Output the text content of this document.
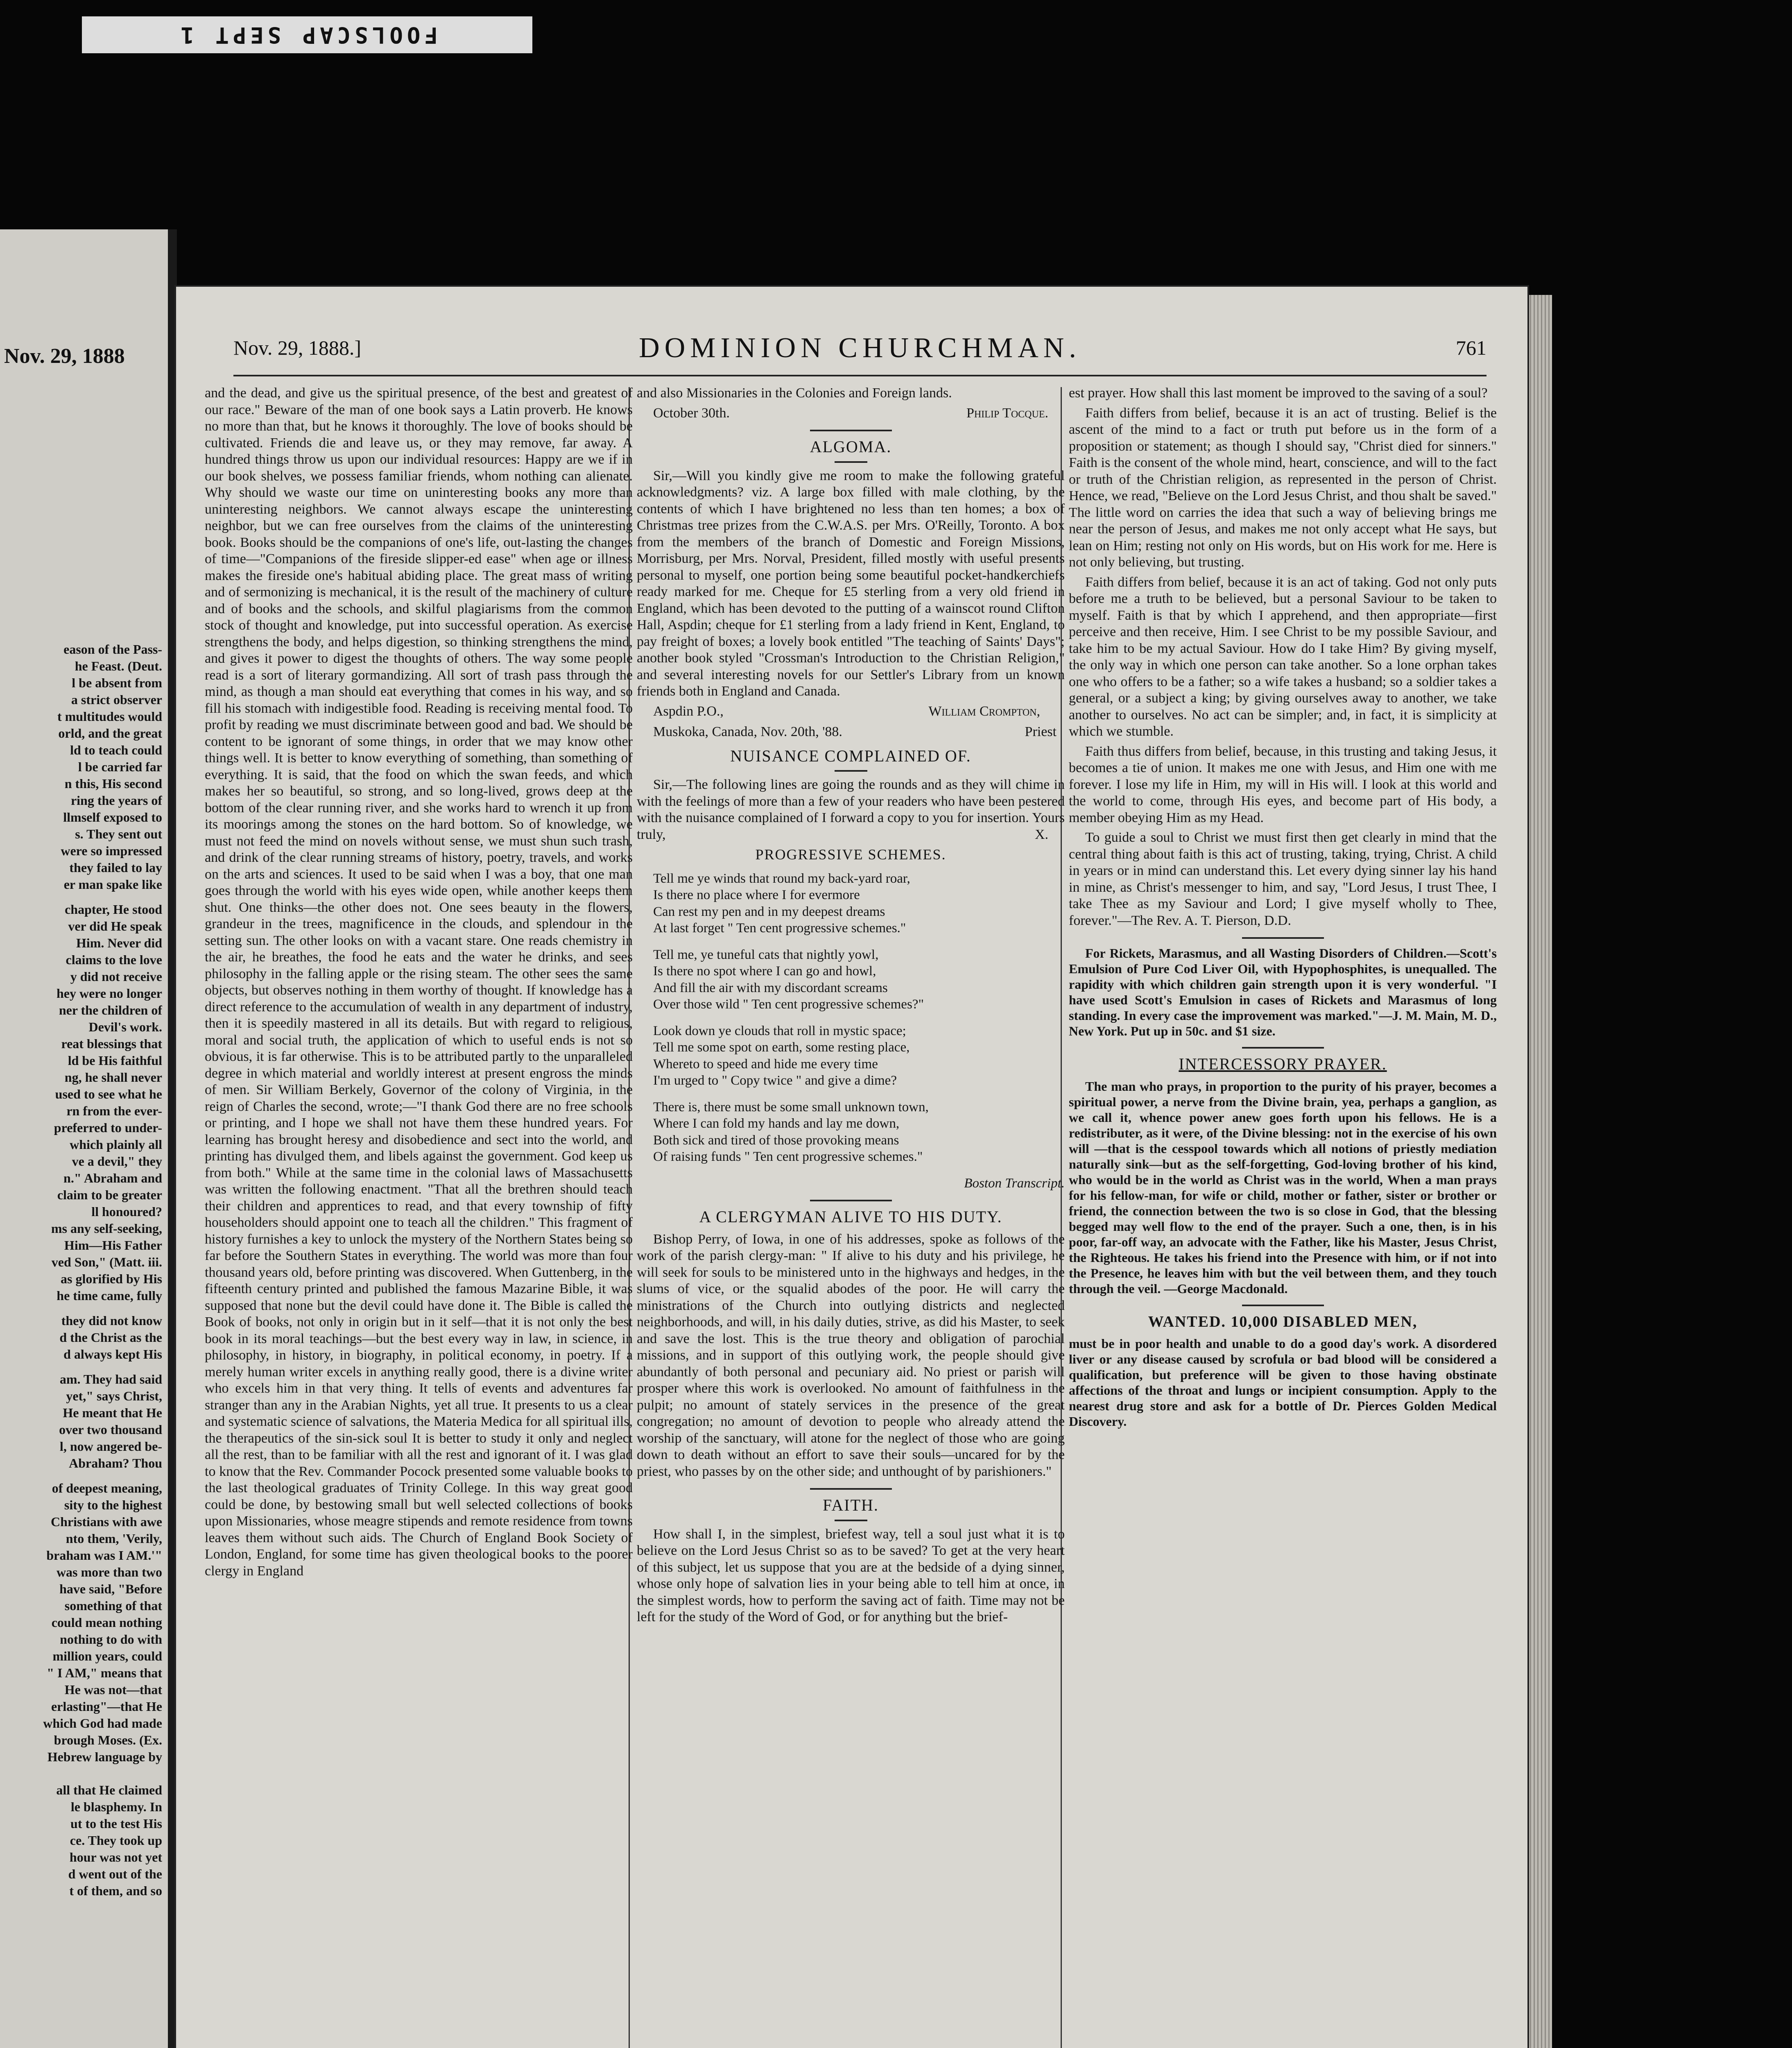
FOOLSCAP SEPT 1
Nov. 29, 1888
eason of the Pass-
he Feast. (Deut.
l be absent from
a strict observer
t multitudes would
orld, and the great
ld to teach could
l be carried far
n this, His second
ring the years of
llmself exposed to
s. They sent out
were so impressed
they failed to lay
er man spake like
chapter, He stood
ver did He speak
Him. Never did
claims to the love
y did not receive
hey were no longer
ner the children of
Devil's work.
reat blessings that
ld be His faithful
ng, he shall never
used to see what he
rn from the ever-
preferred to under-
which plainly all
ve a devil," they
n." Abraham and
claim to be greater
ll honoured?
ms any self-seeking,
Him—His Father
ved Son," (Matt. iii.
as glorified by His
he time came, fully
they did not know
d the Christ as the
d always kept His
am. They had said
yet," says Christ,
He meant that He
over two thousand
l, now angered be-
Abraham? Thou
of deepest meaning,
sity to the highest
Christians with awe
nto them, 'Verily,
braham was I AM.'"
was more than two
have said, "Before
something of that
could mean nothing
nothing to do with
million years, could
" I AM," means that
He was not—that
erlasting"—that He
which God had made
brough Moses. (Ex.
Hebrew language by
all that He claimed
le blasphemy. In
ut to the test His
ce. They took up
hour was not yet
d went out of the
t of them, and so
Nov. 29, 1888.]	DOMINION CHURCHMAN.	761

and the dead, and give us the spiritual presence, of the best and greatest of our race." Beware of the man of one book says a Latin proverb. He knows no more than that, but he knows it thoroughly. The love of books should be cultivated. Friends die and leave us, or they may remove, far away. A hundred things throw us upon our individual resources: Happy are we if in our book shelves, we possess familiar friends, whom nothing can alienate. Why should we waste our time on uninteresting books any more than uninteresting neighbors. We cannot always escape the uninteresting neighbor, but we can free ourselves from the claims of the uninteresting book. Books should be the companions of one's life, out-lasting the changes of time—"Companions of the fireside slipper-ed ease" when age or illness makes the fireside one's habitual abiding place. The great mass of writing and of sermonizing is mechanical, it is the result of the machinery of culture and of books and the schools, and skilful plagiarisms from the common stock of thought and knowledge, put into successful operation. As exercise strengthens the body, and helps digestion, so thinking strengthens the mind, and gives it power to digest the thoughts of others. The way some people read is a sort of literary gormandizing. All sort of trash pass through the mind, as though a man should eat everything that comes in his way, and so fill his stomach with indigestible food. Reading is receiving mental food. To profit by reading we must discriminate between good and bad. We should be content to be ignorant of some things, in order that we may know other things well. It is better to know everything of something, than something of everything. It is said, that the food on which the swan feeds, and which makes her so beautiful, so strong, and so long-lived, grows deep at the bottom of the clear running river, and she works hard to wrench it up from its moorings among the stones on the hard bottom. So of knowledge, we must not feed the mind on novels without sense, we must shun such trash, and drink of the clear running streams of history, poetry, travels, and works on the arts and sciences. It used to be said when I was a boy, that one man goes through the world with his eyes wide open, while another keeps them shut. One thinks—the other does not. One sees beauty in the flowers, grandeur in the trees, magnificence in the clouds, and splendour in the setting sun. The other looks on with a vacant stare. One reads chemistry in the air, he breathes, the food he eats and the water he drinks, and sees philosophy in the falling apple or the rising steam. The other sees the same objects, but observes nothing in them worthy of thought. If knowledge has a direct reference to the accumulation of wealth in any department of industry, then it is speedily mastered in all its details. But with regard to religious, moral and social truth, the application of which to useful ends is not so obvious, it is far otherwise. This is to be attributed partly to the unparalleled degree in which material and worldly interest at present engross the minds of men. Sir William Berkely, Governor of the colony of Virginia, in the reign of Charles the second, wrote;—"I thank God there are no free schools or printing, and I hope we shall not have them these hundred years. For learning has brought heresy and disobedience and sect into the world, and printing has divulged them, and libels against the government. God keep us from both." While at the same time in the colonial laws of Massachusetts was written the following enactment. "That all the brethren should teach their children and apprentices to read, and that every township of fifty householders should appoint one to teach all the children." This fragment of history furnishes a key to unlock the mystery of the Northern States being so far before the Southern States in everything. The world was more than four thousand years old, before printing was discovered. When Guttenberg, in the fifteenth century printed and published the famous Mazarine Bible, it was supposed that none but the devil could have done it. The Bible is called the Book of books, not only in origin but in it self—that it is not only the best book in its moral teachings—but the best every way in law, in science, in philosophy, in history, in biography, in political economy, in poetry. If a merely human writer excels in anything really good, there is a divine writer who excels him in that very thing. It tells of events and adventures far stranger than any in the Arabian Nights, yet all true. It presents to us a clear and systematic science of salvations, the Materia Medica for all spiritual ills, the therapeutics of the sin-sick soul It is better to study it only and neglect all the rest, than to be familiar with all the rest and ignorant of it. I was glad to know that the Rev. Commander Pocock presented some valuable books to the last theological graduates of Trinity College. In this way great good could be done, by bestowing small but well selected collections of books upon Missionaries, whose meagre stipends and remote residence from towns leaves them without such aids. The Church of England Book Society of London, England, for some time has given theological books to the poorer clergy in England

and also Missionaries in the Colonies and Foreign lands.

October 30th.	Philip Tocque.
ALGOMA.

Sir,—Will you kindly give me room to make the following grateful acknowledgments? viz. A large box filled with male clothing, by the contents of which I have brightened no less than ten homes; a box of Christmas tree prizes from the C.W.A.S. per Mrs. O'Reilly, Toronto. A box from the members of the branch of Domestic and Foreign Missions, Morrisburg, per Mrs. Norval, President, filled mostly with useful presents personal to myself, one portion being some beautiful pocket-handkerchiefs ready marked for me. Cheque for £5 sterling from a very old friend in England, which has been devoted to the putting of a wainscot round Clifton Hall, Aspdin; cheque for £1 sterling from a lady friend in Kent, England, to pay freight of boxes; a lovely book entitled "The teaching of Saints' Days"; another book styled "Crossman's Introduction to the Christian Religion," and several interesting novels for our Settler's Library from un known friends both in England and Canada.

Aspdin P.O.,	William Crompton,
Muskoka, Canada, Nov. 20th, '88.	Priest
NUISANCE COMPLAINED OF.

Sir,—The following lines are going the rounds and as they will chime in with the feelings of more than a few of your readers who have been pestered with the nuisance complained of I forward a copy to you for insertion. Yours truly,	X.

PROGRESSIVE SCHEMES.
Tell me ye winds that round my back-yard roar,
Is there no place where I for evermore
Can rest my pen and in my deepest dreams
At last forget " Ten cent progressive schemes."
Tell me, ye tuneful cats that nightly yowl,
Is there no spot where I can go and howl,
And fill the air with my discordant screams
Over those wild " Ten cent progressive schemes?"
Look down ye clouds that roll in mystic space;
Tell me some spot on earth, some resting place,
Whereto to speed and hide me every time
I'm urged to " Copy twice " and give a dime?
There is, there must be some small unknown town,
Where I can fold my hands and lay me down,
Both sick and tired of those provoking means
Of raising funds " Ten cent progressive schemes."
Boston Transcript.
A CLERGYMAN ALIVE TO HIS DUTY.

Bishop Perry, of Iowa, in one of his addresses, spoke as follows of the work of the parish clergy-man: " If alive to his duty and his privilege, he will seek for souls to be ministered unto in the highways and hedges, in the slums of vice, or the squalid abodes of the poor. He will carry the ministrations of the Church into outlying districts and neglected neighborhoods, and will, in his daily duties, strive, as did his Master, to seek and save the lost. This is the true theory and obligation of parochial missions, and in support of this outlying work, the people should give abundantly of both personal and pecuniary aid. No priest or parish will prosper where this work is overlooked. No amount of faithfulness in the pulpit; no amount of stately services in the presence of the great congregation; no amount of devotion to people who already attend the worship of the sanctuary, will atone for the neglect of those who are going down to death without an effort to save their souls—uncared for by the priest, who passes by on the other side; and unthought of by parishioners."

FAITH.

How shall I, in the simplest, briefest way, tell a soul just what it is to believe on the Lord Jesus Christ so as to be saved? To get at the very heart of this subject, let us suppose that you are at the bedside of a dying sinner, whose only hope of salvation lies in your being able to tell him at once, in the simplest words, how to perform the saving act of faith. Time may not be left for the study of the Word of God, or for anything but the brief-

est prayer. How shall this last moment be improved to the saving of a soul?

Faith differs from belief, because it is an act of trusting. Belief is the ascent of the mind to a fact or truth put before us in the form of a proposition or statement; as though I should say, "Christ died for sinners." Faith is the consent of the whole mind, heart, conscience, and will to the fact or truth of the Christian religion, as represented in the person of Christ. Hence, we read, "Believe on the Lord Jesus Christ, and thou shalt be saved." The little word on carries the idea that such a way of believing brings me near the person of Jesus, and makes me not only accept what He says, but lean on Him; resting not only on His words, but on His work for me. Here is not only believing, but trusting.

Faith differs from belief, because it is an act of taking. God not only puts before me a truth to be believed, but a personal Saviour to be taken to myself. Faith is that by which I apprehend, and then appropriate—first perceive and then receive, Him. I see Christ to be my possible Saviour, and take him to be my actual Saviour. How do I take Him? By giving myself, the only way in which one person can take another. So a lone orphan takes one who offers to be a father; so a wife takes a husband; so a soldier takes a general, or a subject a king; by giving ourselves away to another, we take another to ourselves. No act can be simpler; and, in fact, it is simplicity at which we stumble.

Faith thus differs from belief, because, in this trusting and taking Jesus, it becomes a tie of union. It makes me one with Jesus, and Him one with me forever. I lose my life in Him, my will in His will. I look at this world and the world to come, through His eyes, and become part of His body, a member obeying Him as my Head.

To guide a soul to Christ we must first then get clearly in mind that the central thing about faith is this act of trusting, taking, trying, Christ. A child in years or in mind can understand this. Let every dying sinner lay his hand in mine, as Christ's messenger to him, and say, "Lord Jesus, I trust Thee, I take Thee as my Saviour and Lord; I give myself wholly to Thee, forever."—The Rev. A. T. Pierson, D.D.

For Rickets, Marasmus, and all Wasting Disorders of Children.—Scott's Emulsion of Pure Cod Liver Oil, with Hypophosphites, is unequalled. The rapidity with which children gain strength upon it is very wonderful. "I have used Scott's Emulsion in cases of Rickets and Marasmus of long standing. In every case the improvement was marked."—J. M. Main, M. D., New York. Put up in 50c. and $1 size.

INTERCESSORY PRAYER.

The man who prays, in proportion to the purity of his prayer, becomes a spiritual power, a nerve from the Divine brain, yea, perhaps a ganglion, as we call it, whence power anew goes forth upon his fellows. He is a redistributer, as it were, of the Divine blessing: not in the exercise of his own will —that is the cesspool towards which all notions of priestly mediation naturally sink—but as the self-forgetting, God-loving brother of his kind, who would be in the world as Christ was in the world, When a man prays for his fellow-man, for wife or child, mother or father, sister or brother or friend, the connection between the two is so close in God, that the blessing begged may well flow to the end of the prayer. Such a one, then, is in his poor, far-off way, an advocate with the Father, like his Master, Jesus Christ, the Righteous. He takes his friend into the Presence with him, or if not into the Presence, he leaves him with but the veil between them, and they touch through the veil. —George Macdonald.

WANTED. 10,000 DISABLED MEN,

must be in poor health and unable to do a good day's work. A disordered liver or any disease caused by scrofula or bad blood will be considered a qualification, but preference will be given to those having obstinate affections of the throat and lungs or incipient consumption. Apply to the nearest drug store and ask for a bottle of Dr. Pierces Golden Medical Discovery.
